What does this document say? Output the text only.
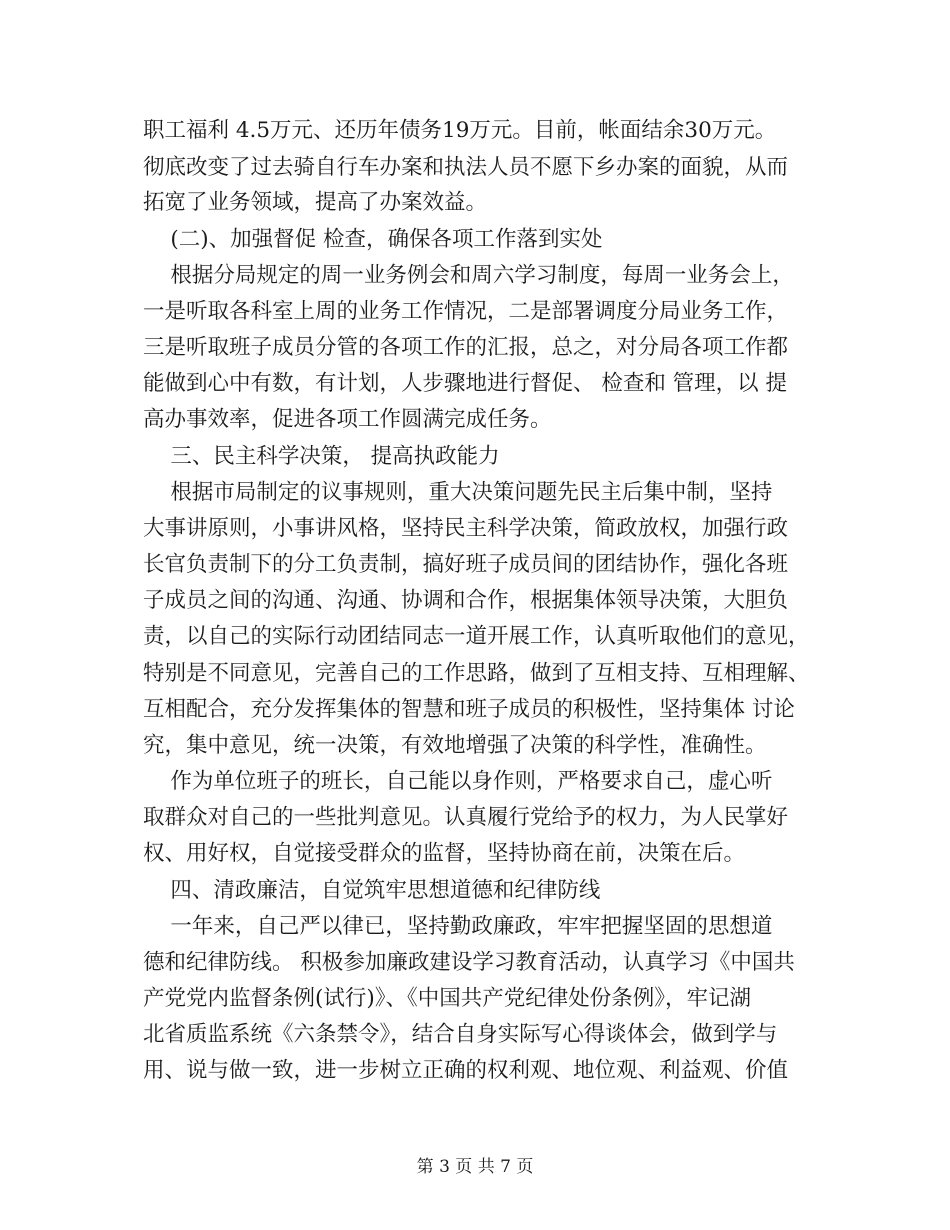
职工福利 4.5万元、还历年债务19万元。目前，帐面结余30万元。
彻底改变了过去骑自行车办案和执法人员不愿下乡办案的面貌，从而
拓宽了业务领域，提高了办案效益。
(二)、加强督促 检查，确保各项工作落到实处
根据分局规定的周一业务例会和周六学习制度，每周一业务会上，
一是听取各科室上周的业务工作情况，二是部署调度分局业务工作，
三是听取班子成员分管的各项工作的汇报，总之，对分局各项工作都
能做到心中有数，有计划，人步骤地进行督促、 检查和 管理，以 提
高办事效率，促进各项工作圆满完成任务。
三、民主科学决策， 提高执政能力
根据市局制定的议事规则，重大决策问题先民主后集中制，坚持
大事讲原则，小事讲风格，坚持民主科学决策，简政放权，加强行政
长官负责制下的分工负责制，搞好班子成员间的团结协作，强化各班
子成员之间的沟通、沟通、协调和合作，根据集体领导决策，大胆负
责，以自己的实际行动团结同志一道开展工作，认真听取他们的意见，
特别是不同意见，完善自己的工作思路，做到了互相支持、互相理解、
互相配合，充分发挥集体的智慧和班子成员的积极性，坚持集体 讨论
究，集中意见，统一决策，有效地增强了决策的科学性，准确性。
作为单位班子的班长，自己能以身作则，严格要求自己，虚心听
取群众对自己的一些批判意见。认真履行党给予的权力，为人民掌好
权、用好权，自觉接受群众的监督，坚持协商在前，决策在后。
四、清政廉洁，自觉筑牢思想道德和纪律防线
一年来，自己严以律已，坚持勤政廉政，牢牢把握坚固的思想道
德和纪律防线。 积极参加廉政建设学习教育活动，认真学习《中国共
产党党内监督条例(试行)》、《中国共产党纪律处份条例》，牢记湖
北省质监系统《六条禁令》，结合自身实际写心得谈体会，做到学与
用、说与做一致，进一步树立正确的权利观、地位观、利益观、价值
第 3 页 共 7 页
